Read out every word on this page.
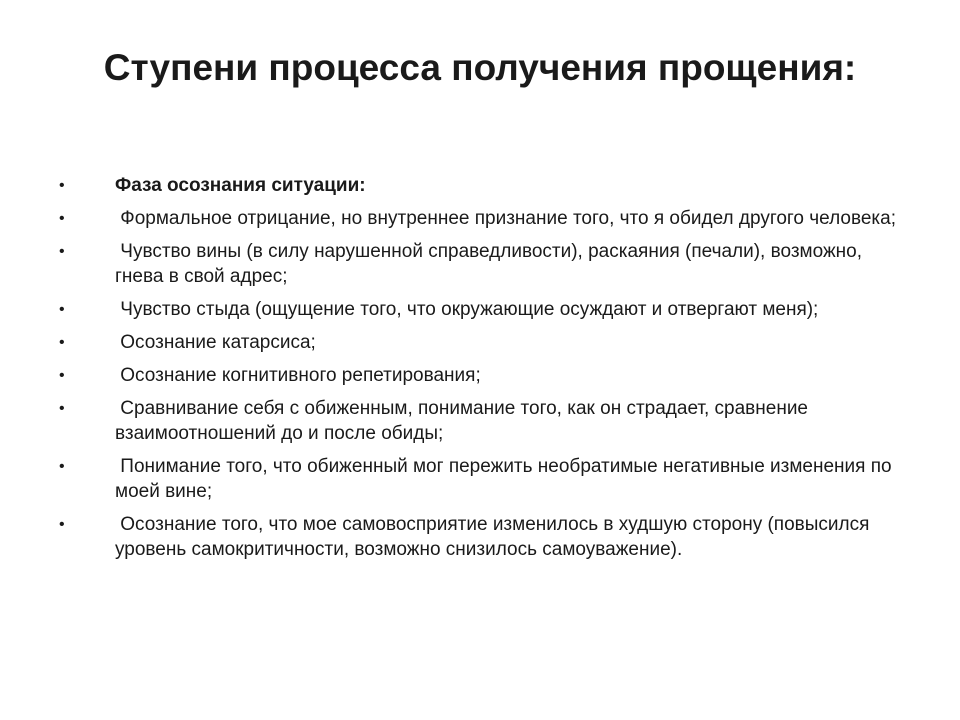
Ступени процесса получения прощения:
•	Фаза осознания ситуации:
•	Формальное отрицание, но внутреннее признание того, что я обидел другого человека;
•	Чувство вины (в силу нарушенной справедливости), раскаяния (печали), возможно, гнева в свой адрес;
•	Чувство стыда (ощущение того, что окружающие осуждают и отвергают меня);
•	Осознание катарсиса;
•	Осознание когнитивного репетирования;
•	Сравнивание себя с обиженным, понимание того, как он страдает, сравнение взаимоотношений до и после обиды;
•	Понимание того, что обиженный мог пережить необратимые негативные изменения по моей вине;
•	Осознание того, что мое самовосприятие изменилось в худшую сторону (повысился уровень самокритичности, возможно снизилось самоуважение).
